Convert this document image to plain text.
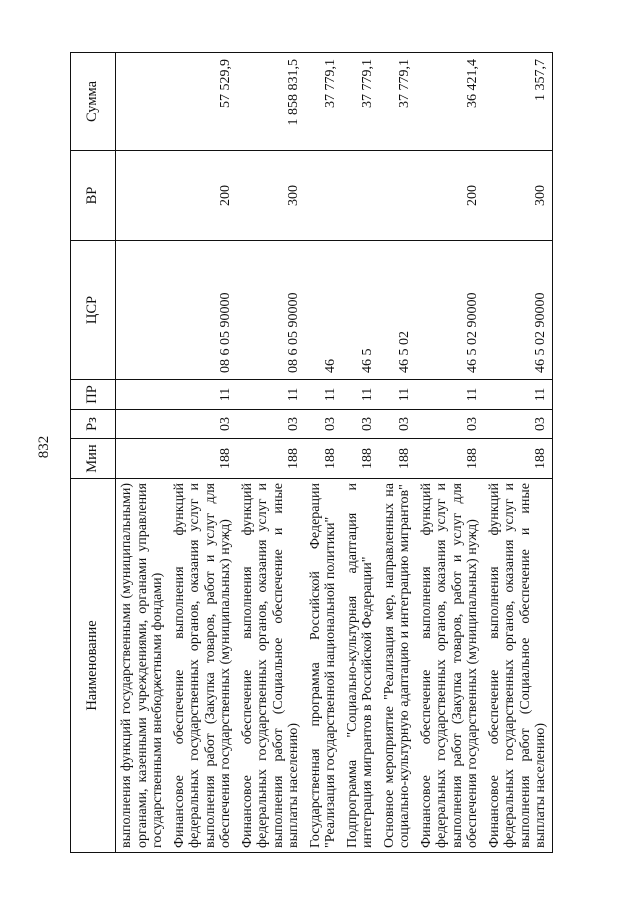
832
Наименование	Мин	Рз	ПР	ЦСР	ВР	Сумма
выполнения функций государственными (муниципальными) органами, казенными учреждениями, органами управления государственными внебюджетными фондами)						
Финансовое обеспечение выполнения функций федеральных государственных органов, оказания услуг и выполнения работ (Закупка товаров, работ и услуг для обеспечения государственных (муниципальных) нужд)	188	03	11	08 6 05 90000	200	57 529,9
Финансовое обеспечение выполнения функций федеральных государственных органов, оказания услуг и выполнения работ (Социальное обеспечение и иные выплаты населению)	188	03	11	08 6 05 90000	300	1 858 831,5
Государственная программа Российской Федерации "Реализация государственной национальной политики"	188	03	11	46		37 779,1
Подпрограмма "Социально-культурная адаптация и интеграция мигрантов в Российской Федерации"	188	03	11	46 5		37 779,1
Основное мероприятие "Реализация мер, направленных на социально-культурную адаптацию и интеграцию мигрантов"	188	03	11	46 5 02		37 779,1
Финансовое обеспечение выполнения функций федеральных государственных органов, оказания услуг и выполнения работ (Закупка товаров, работ и услуг для обеспечения государственных (муниципальных) нужд)	188	03	11	46 5 02 90000	200	36 421,4
Финансовое обеспечение выполнения функций федеральных государственных органов, оказания услуг и выполнения работ (Социальное обеспечение и иные выплаты населению)	188	03	11	46 5 02 90000	300	1 357,7
